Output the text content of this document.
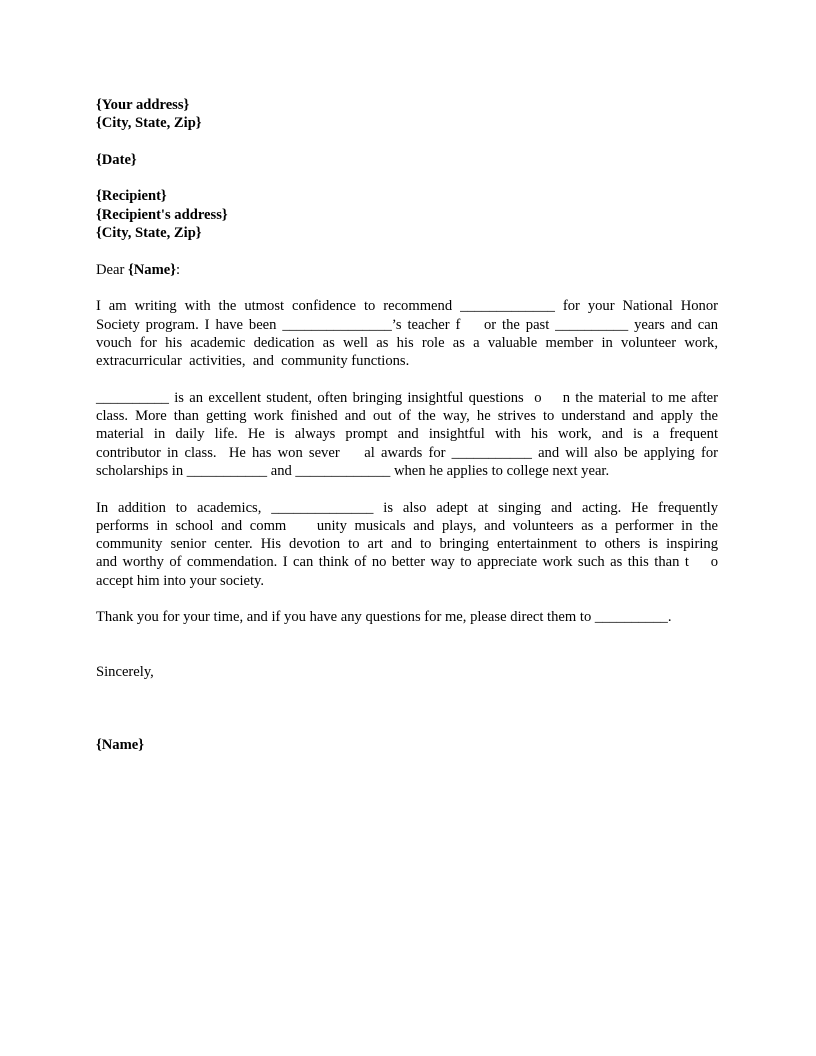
{Your address}
{City, State, Zip}
{Date}
{Recipient}
{Recipient's address}
{City, State, Zip}
Dear {Name}:
I am writing with the utmost confidence to recommend _____________ for your National Honor
Society program. I have been _______________’s teacher f    or the past __________ years and can
vouch for his academic dedication as well as his role as a valuable member in volunteer work,
extracurricular  activities,  and  community functions.
__________ is an excellent student, often bringing insightful questions  o    n the material to me after
class. More than getting work finished and out of the way, he strives to understand and apply the
material in daily life. He is always prompt and insightful with his work, and is a frequent
contributor in class.  He has won sever    al awards for ___________ and will also be applying for
scholarships in ___________ and _____________ when he applies to college next year.
In addition to academics, ______________ is also adept at singing and acting. He frequently
performs in school and comm    unity musicals and plays, and volunteers as a performer in the
community senior center. His devotion to art and to bringing entertainment to others is inspiring
and worthy of commendation. I can think of no better way to appreciate work such as this than t    o
accept him into your society.
Thank you for your time, and if you have any questions for me, please direct them to __________.
Sincerely,
{Name}
